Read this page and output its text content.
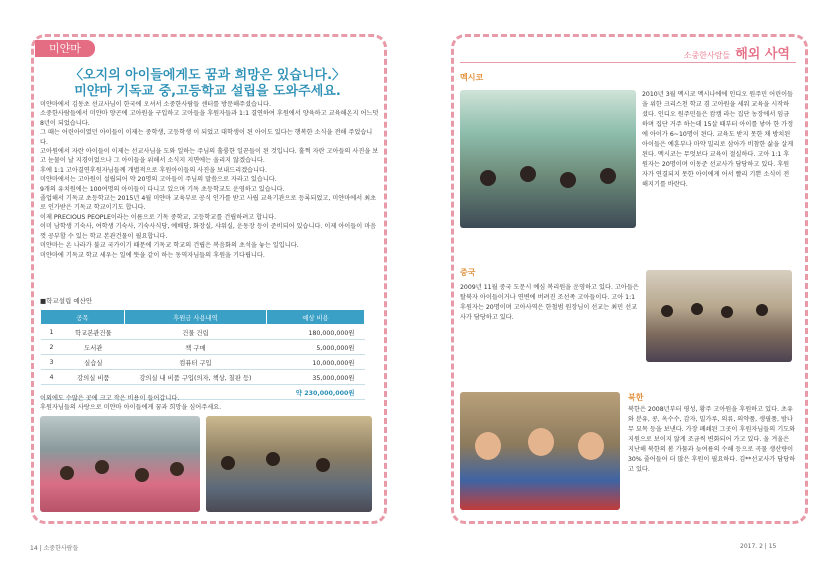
미얀마
〈오지의 아이들에게도 꿈과 희망은 있습니다.〉
미얀마 기독교 중,고등학교 설립을 도와주세요.

미얀마에서 김동초 선교사님이 한국에 오셔서 소중한사람들 센터를 방문해주셨습니다.

소중한사람들에서 미얀마 양곤에 고아원을 구입하고 고아들을 후원자들과 1:1 결연하여 후원에서 양육하고 교육해온지 어느덧 8년이 되었습니다.

그 때는 어린아이였던 아이들이 이제는 중학생, 고등학생 이 되었고 대학생이 된 아이도 있다는 행복한 소식을 전해 주었습니다.

고아원에서 자란 아이들이 이제는 선교사님을 도와 일하는 주님의 훌륭한 일꾼들이 된 것입니다. 훌쩍 자란 고아들의 사진을 보고 눈물이 날 지경이었으나 그 아이들을 위해서 소식지 지면에는 올리지 않겠습니다.

후에 1:1 고아결연후원자님들께 개별적으로 후원아이들의 사진을 보내드리겠습니다.

미얀마에서는 고아원이 설립되어 약 20명의 고아들이 주님의 말씀으로 자라고 있습니다.

9개의 유치원에는 100여명의 아이들이 다니고 있으며 기독 초등학교도 운영하고 있습니다.

졸업해서 기독교 초등학교는 2015년 4월 미얀마 교육부로 공식 인가를 받고 사립 교육기관으로 등록되었고, 미얀마에서 최초로 인가받은 기독교 학교이기도 합니다.

이제 PRECIOUS PEOPLE이라는 이름으로 기독 중학교, 고등학교를 건립하려고 합니다.

이미 남학생 기숙사, 여학생 기숙사, 기숙사식당, 예배당, 화장실, 샤워실, 운동장 등이 준비되어 있습니다. 이제 아이들이 마음껏 공부할 수 있는 학교 본관건물이 필요합니다.

미얀마는 온 나라가 불교 국가이기 때문에 기독교 학교의 건립은 복음화의 초석을 놓는 일입니다.

미얀마에 기독교 학교 세우는 일에 뜻을 같이 하는 동역자님들의 후원을 기다립니다.

■학교설립 예산안
공목		후원금 사용내역	예상 비용
1	학교본관건물	건물 건립	180,000,000원
2	도서관	책 구매	5,000,000원
3	실습실	컴퓨터 구입	10,000,000원
4	강의실 비품	강의실 내 비품 구입(의자, 책상, 칠판 등)	35,000,000원
			약 230,000,000원

이외에도 수많은 곳에 크고 작은 비용이 들어갑니다.

후원자님들의 사랑으로 미얀마 아이들에게 꿈과 희망을 심어주세요.

14 | 소중한사람들
소중한사람들 해외 사역
멕시코
2010년 3월 멕시코 멕시나에에 인디오 원주민 어린이들을 위한 크리스천 학교 겸 고아원을 세워 교육을 시작하셨다. 인디오 원주민들은 캄캠 라는 집단 농장에서 임금 하며 집단 거주 하는데 15살 때부터 아이를 낳아 한 가정에 아이가 6~10명이 된다. 교육도 받지 못한 채 방치된 아이들은 예훈부나 마약 밀리로 삼아가 비참한 삶을 살게 된다. 멕시코는 무엇보다 교육이 절실하다. 고아 1:1 후원자는 20명이며 이동준 선교사가 담당하고 있다. 후원자가 연결되지 못한 아이에게 어서 빨리 기쁜 소식이 전해지기를 바란다.
중국
2009년 11월 중국 도문시 예심 복리원을 운영하고 있다. 고아들은 탈북자 아이들이거나 연변에 버려진 조선족 고아들이다. 고아 1:1 후원자는 20명이며 고아사역은 한철범 원장님이 선교는 최민 선교사가 담당하고 있다.
북한
북한은 2008년부터 평성, 황주 고아원을 후원하고 있다. 초유와 분유, 콩, 옥수수, 감자, 밀가루, 의류, 의약품, 생필품, 밤나무 묘목 등을 보낸다. 가장 폐쇄된 그곳이 후원자님들의 기도와 지원으로 보이지 않게 조금씩 변화되어 가고 있다. 올 겨울은 지난해 북한의 봄 가뭄과 늦여름의 수해 등으로 곡물 생산량이 30% 줄어들어 더 많은 후원이 필요하다. 김**선교사가 담당하고 있다.
2017. 2 | 15
